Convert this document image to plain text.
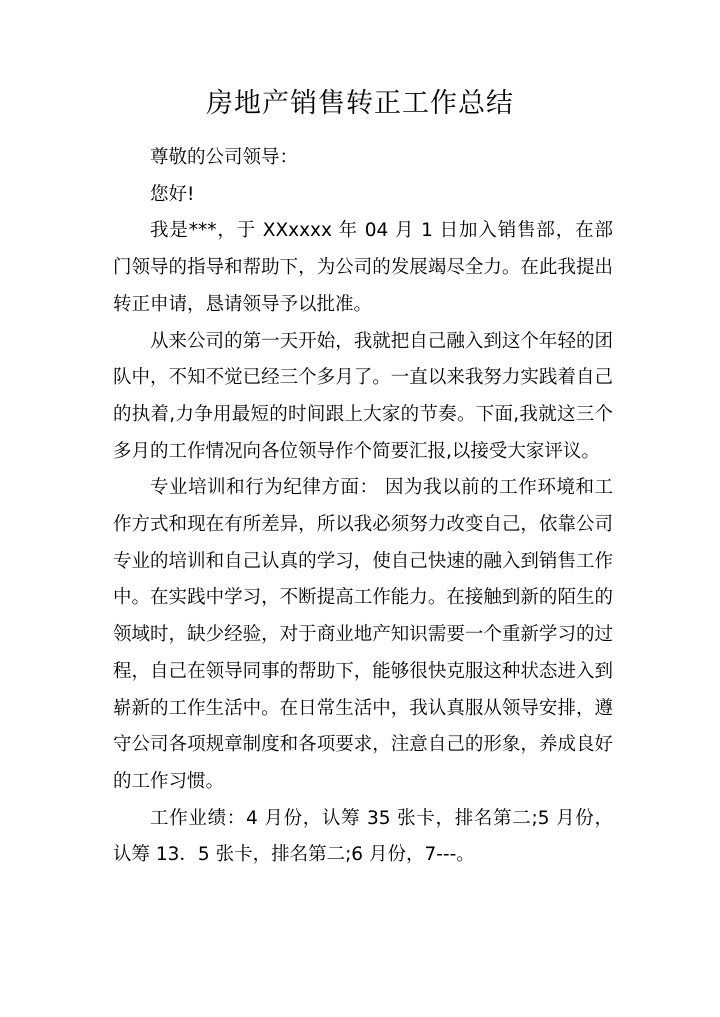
房地产销售转正工作总结

尊敬的公司领导：

您好!

我是***，于 XXxxxx 年 04 月 1 日加入销售部，在部门领导的指导和帮助下，为公司的发展竭尽全力。在此我提出转正申请，恳请领导予以批准。

从来公司的第一天开始，我就把自己融入到这个年轻的团队中，不知不觉已经三个多月了。一直以来我努力实践着自己的执着,力争用最短的时间跟上大家的节奏。下面,我就这三个多月的工作情况向各位领导作个简要汇报,以接受大家评议。

专业培训和行为纪律方面： 因为我以前的工作环境和工作方式和现在有所差异，所以我必须努力改变自己，依靠公司专业的培训和自己认真的学习，使自己快速的融入到销售工作中。在实践中学习，不断提高工作能力。在接触到新的陌生的领域时，缺少经验，对于商业地产知识需要一个重新学习的过程，自己在领导同事的帮助下，能够很快克服这种状态进入到崭新的工作生活中。在日常生活中，我认真服从领导安排，遵守公司各项规章制度和各项要求，注意自己的形象，养成良好的工作习惯。

工作业绩：4 月份，认筹 35 张卡，排名第二;5 月份，认筹 13．5 张卡，排名第二;6 月份，7---。
